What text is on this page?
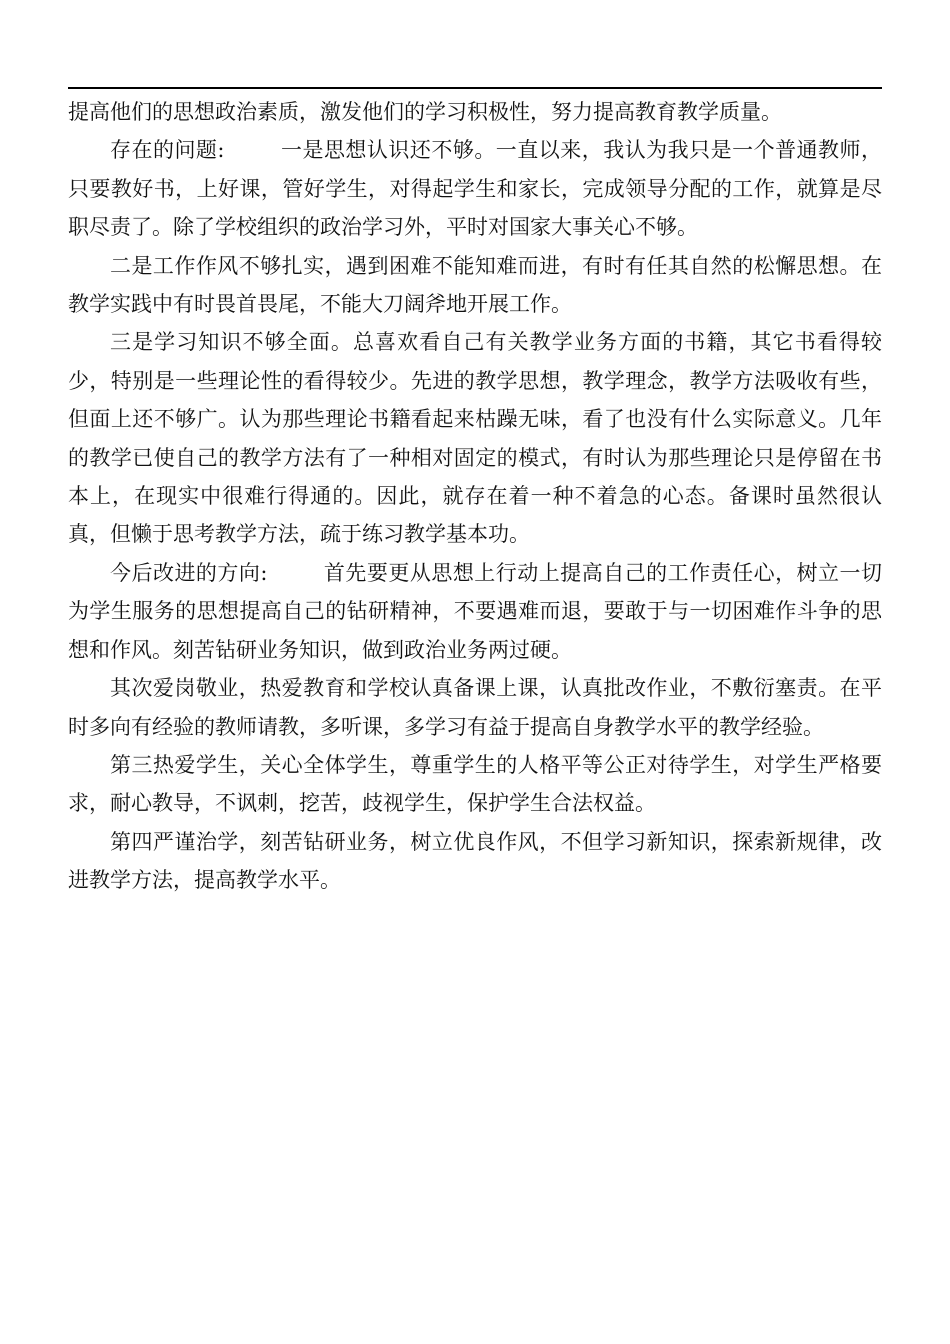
提高他们的思想政治素质，激发他们的学习积极性，努力提高教育教学质量。

存在的问题:	一是思想认识还不够。一直以来，我认为我只是一个普通教师，只要教好书，上好课，管好学生，对得起学生和家长，完成领导分配的工作，就算是尽职尽责了。除了学校组织的政治学习外，平时对国家大事关心不够。

二是工作作风不够扎实，遇到困难不能知难而进，有时有任其自然的松懈思想。在教学实践中有时畏首畏尾，不能大刀阔斧地开展工作。

三是学习知识不够全面。总喜欢看自己有关教学业务方面的书籍，其它书看得较少，特别是一些理论性的看得较少。先进的教学思想，教学理念，教学方法吸收有些，但面上还不够广。认为那些理论书籍看起来枯躁无味，看了也没有什么实际意义。几年的教学已使自己的教学方法有了一种相对固定的模式，有时认为那些理论只是停留在书本上，在现实中很难行得通的。因此，就存在着一种不着急的心态。备课时虽然很认真，但懒于思考教学方法，疏于练习教学基本功。

今后改进的方向:	首先要更从思想上行动上提高自己的工作责任心，树立一切为学生服务的思想提高自己的钻研精神，不要遇难而退，要敢于与一切困难作斗争的思想和作风。刻苦钻研业务知识，做到政治业务两过硬。

其次爱岗敬业，热爱教育和学校认真备课上课，认真批改作业，不敷衍塞责。在平时多向有经验的教师请教，多听课，多学习有益于提高自身教学水平的教学经验。

第三热爱学生，关心全体学生，尊重学生的人格平等公正对待学生，对学生严格要求，耐心教导，不讽刺，挖苦，歧视学生，保护学生合法权益。

第四严谨治学，刻苦钻研业务，树立优良作风，不但学习新知识，探索新规律，改进教学方法，提高教学水平。
